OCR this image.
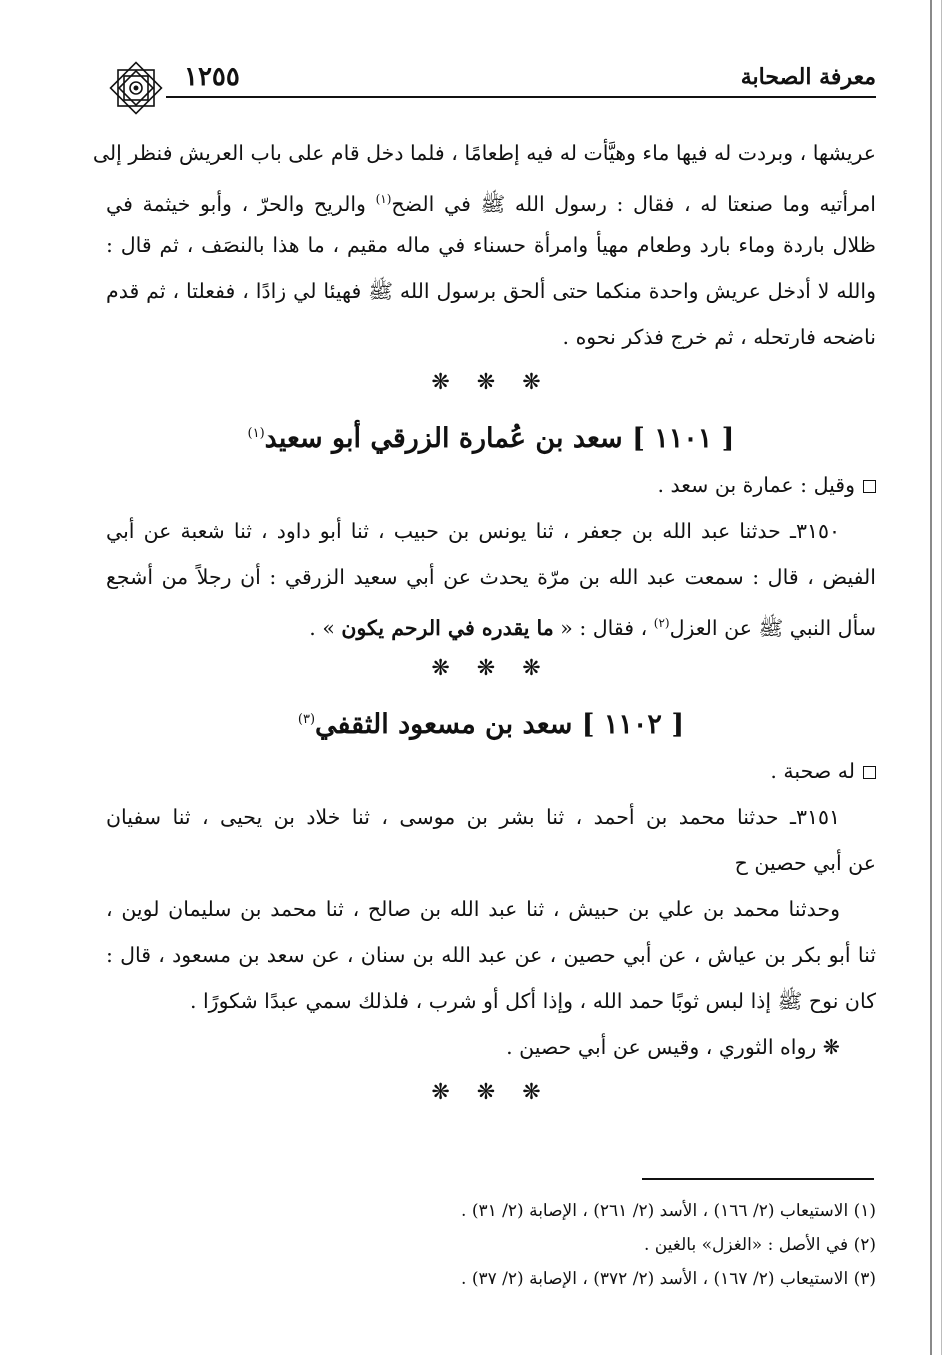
١٢٥٥	معرفة الصحابة
عريشها ، وبردت له فيها ماء وهيَّأت له فيه إطعامًا ، فلما دخل قام على باب العريش فنظر إلى
امرأتيه وما صنعتا له ، فقال : رسول الله ﷺ في الضح$^{(١)}$ والريح والحرّ ، وأبو خيثمة في
ظلال باردة وماء بارد وطعام مهيأ وامرأة حسناء في ماله مقيم ، ما هذا بالنصَف ، ثم قال :
والله لا أدخل عريش واحدة منكما حتى ألحق برسول الله ﷺ فهيئا لي زادًا ، ففعلتا ، ثم قدم
ناضحه فارتحله ، ثم خرج فذكر نحوه .
❋ ❋ ❋
[ ١١٠١ ] سعد بن عُمارة الزرقي أبو سعيد$^{(١)}$
وقيل : عمارة بن سعد .
٣١٥٠ـ حدثنا عبد الله بن جعفر ، ثنا يونس بن حبيب ، ثنا أبو داود ، ثنا شعبة عن أبي
الفيض ، قال : سمعت عبد الله بن مرّة يحدث عن أبي سعيد الزرقي : أن رجلاً من أشجع
سأل النبي ﷺ عن العزل$^{(٢)}$ ، فقال : « ما يقدره في الرحم يكون » .
❋ ❋ ❋
[ ١١٠٢ ] سعد بن مسعود الثقفي$^{(٣)}$
له صحبة .
٣١٥١ـ حدثنا محمد بن أحمد ، ثنا بشر بن موسى ، ثنا خلاد بن يحيى ، ثنا سفيان
عن أبي حصين ح
وحدثنا محمد بن علي بن حبيش ، ثنا عبد الله بن صالح ، ثنا محمد بن سليمان لوين ،
ثنا أبو بكر بن عياش ، عن أبي حصين ، عن عبد الله بن سنان ، عن سعد بن مسعود ، قال :
كان نوح ﷺ إذا لبس ثوبًا حمد الله ، وإذا أكل أو شرب ، فلذلك سمي عبدًا شكورًا .
❋ رواه الثوري ، وقيس عن أبي حصين .
❋ ❋ ❋
(١) الاستيعاب (٢/ ١٦٦) ، الأسد (٢/ ٢٦١) ، الإصابة (٢/ ٣١) .
(٢) في الأصل : «الغزل» بالغين .
(٣) الاستيعاب (٢/ ١٦٧) ، الأسد (٢/ ٣٧٢) ، الإصابة (٢/ ٣٧) .
